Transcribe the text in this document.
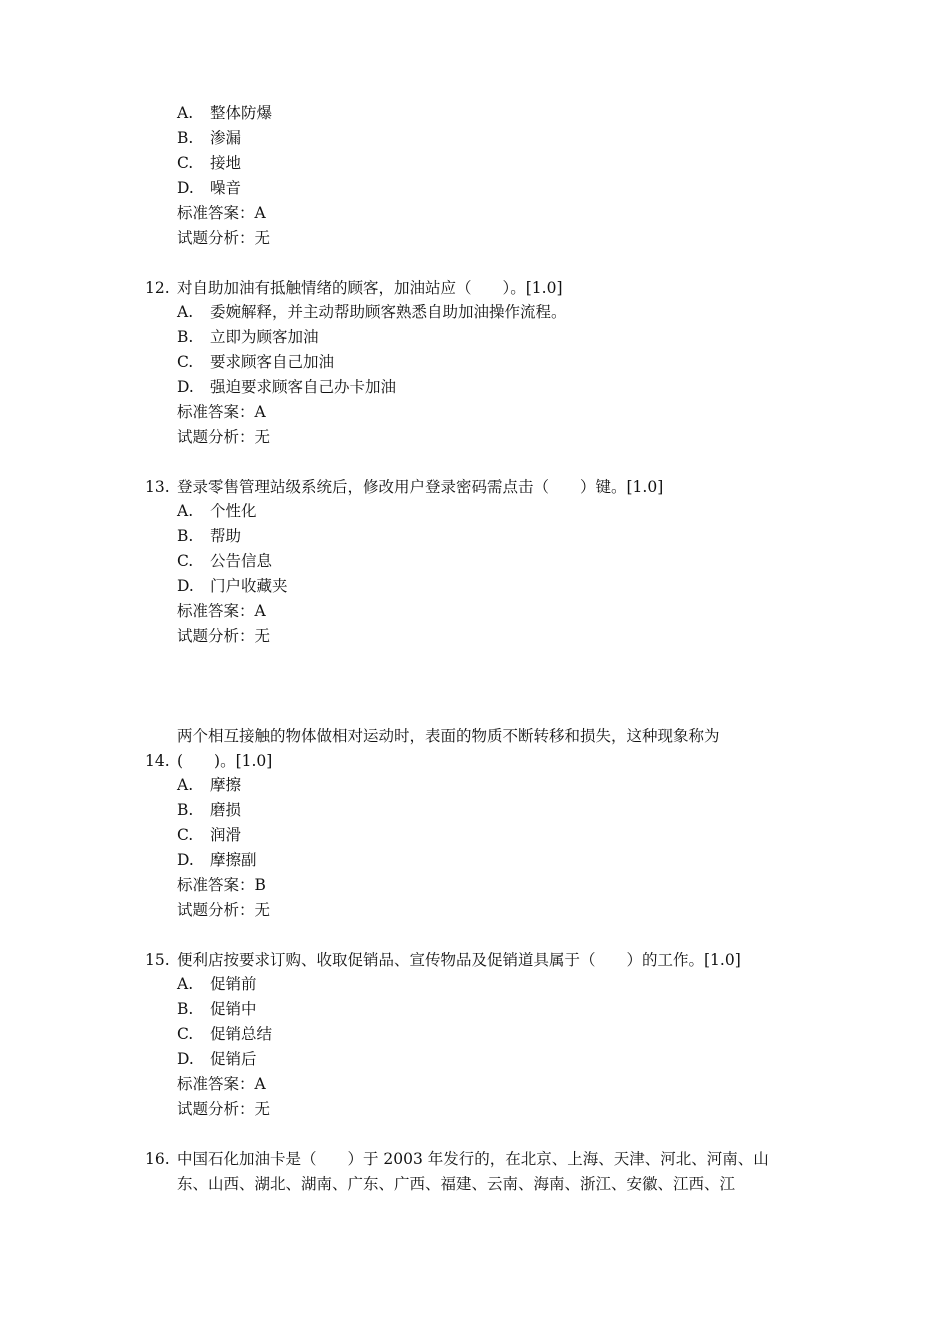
A. 整体防爆
B. 渗漏
C. 接地
D. 噪音
标准答案：A
试题分析：无
12. 对自助加油有抵触情绪的顾客，加油站应（　　）。[1.0]
A. 委婉解释，并主动帮助顾客熟悉自助加油操作流程。
B. 立即为顾客加油
C. 要求顾客自己加油
D. 强迫要求顾客自己办卡加油
标准答案：A
试题分析：无
13. 登录零售管理站级系统后，修改用户登录密码需点击（　　）键。[1.0]
A. 个性化
B. 帮助
C. 公告信息
D. 门户收藏夹
标准答案：A
试题分析：无
两个相互接触的物体做相对运动时，表面的物质不断转移和损失，这种现象称为
14. (　　)。[1.0]
A. 摩擦
B. 磨损
C. 润滑
D. 摩擦副
标准答案：B
试题分析：无
15. 便利店按要求订购、收取促销品、宣传物品及促销道具属于（　　）的工作。[1.0]
A. 促销前
B. 促销中
C. 促销总结
D. 促销后
标准答案：A
试题分析：无
16. 中国石化加油卡是（　　）于 2003 年发行的，在北京、上海、天津、河北、河南、山
东、山西、湖北、湖南、广东、广西、福建、云南、海南、浙江、安徽、江西、江
